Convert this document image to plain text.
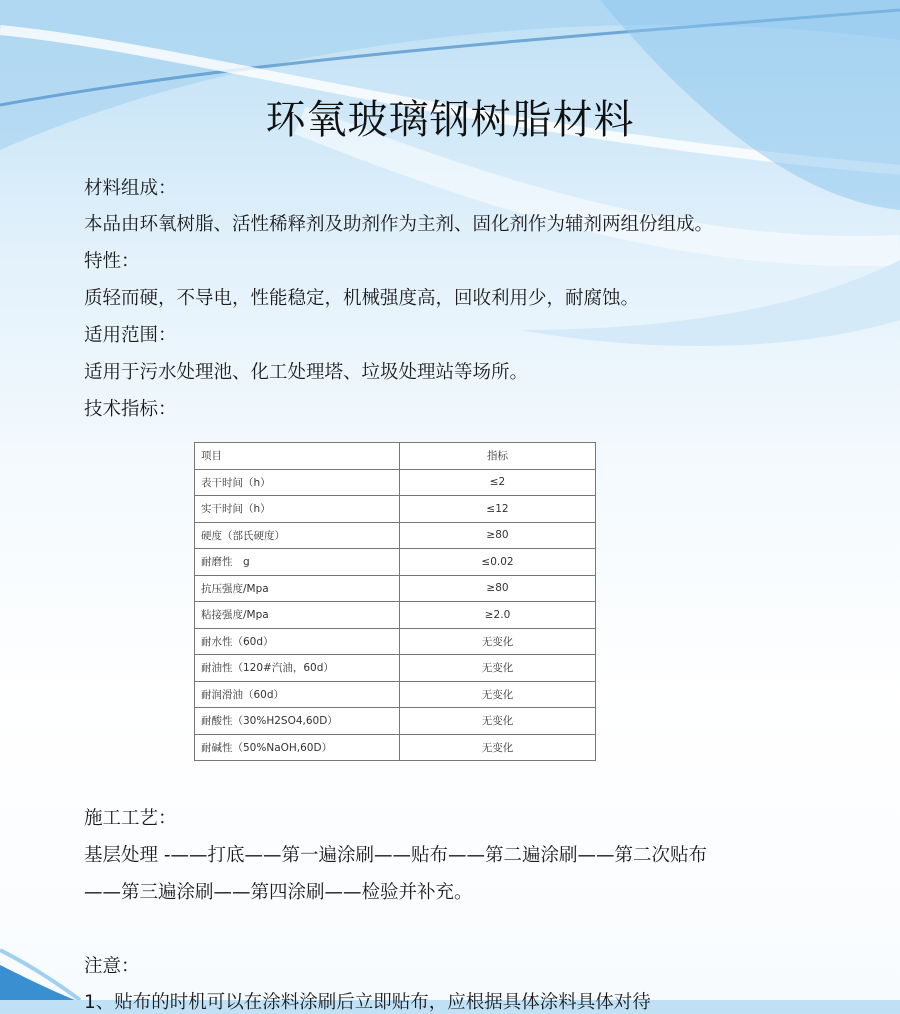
环氧玻璃钢树脂材料
材料组成：
本品由环氧树脂、活性稀释剂及助剂作为主剂、固化剂作为辅剂两组份组成。
特性：
质轻而硬，不导电，性能稳定，机械强度高，回收利用少，耐腐蚀。
适用范围：
适用于污水处理池、化工处理塔、垃圾处理站等场所。
技术指标：
项目	指标
表干时间（h）	≤2
实干时间（h）	≤12
硬度（部氏硬度）	≥80
耐磨性　g	≤0.02
抗压强度/Mpa	≥80
粘接强度/Mpa	≥2.0
耐水性（60d）	无变化
耐油性（120#汽油，60d）	无变化
耐润滑油（60d）	无变化
耐酸性（30%H2SO4,60D）	无变化
耐碱性（50%NaOH,60D）	无变化
施工工艺：
基层处理 -——打底——第一遍涂刷——贴布——第二遍涂刷——第二次贴布
——第三遍涂刷——第四涂刷——检验并补充。
注意：
1、贴布的时机可以在涂料涂刷后立即贴布，应根据具体涂料具体对待
